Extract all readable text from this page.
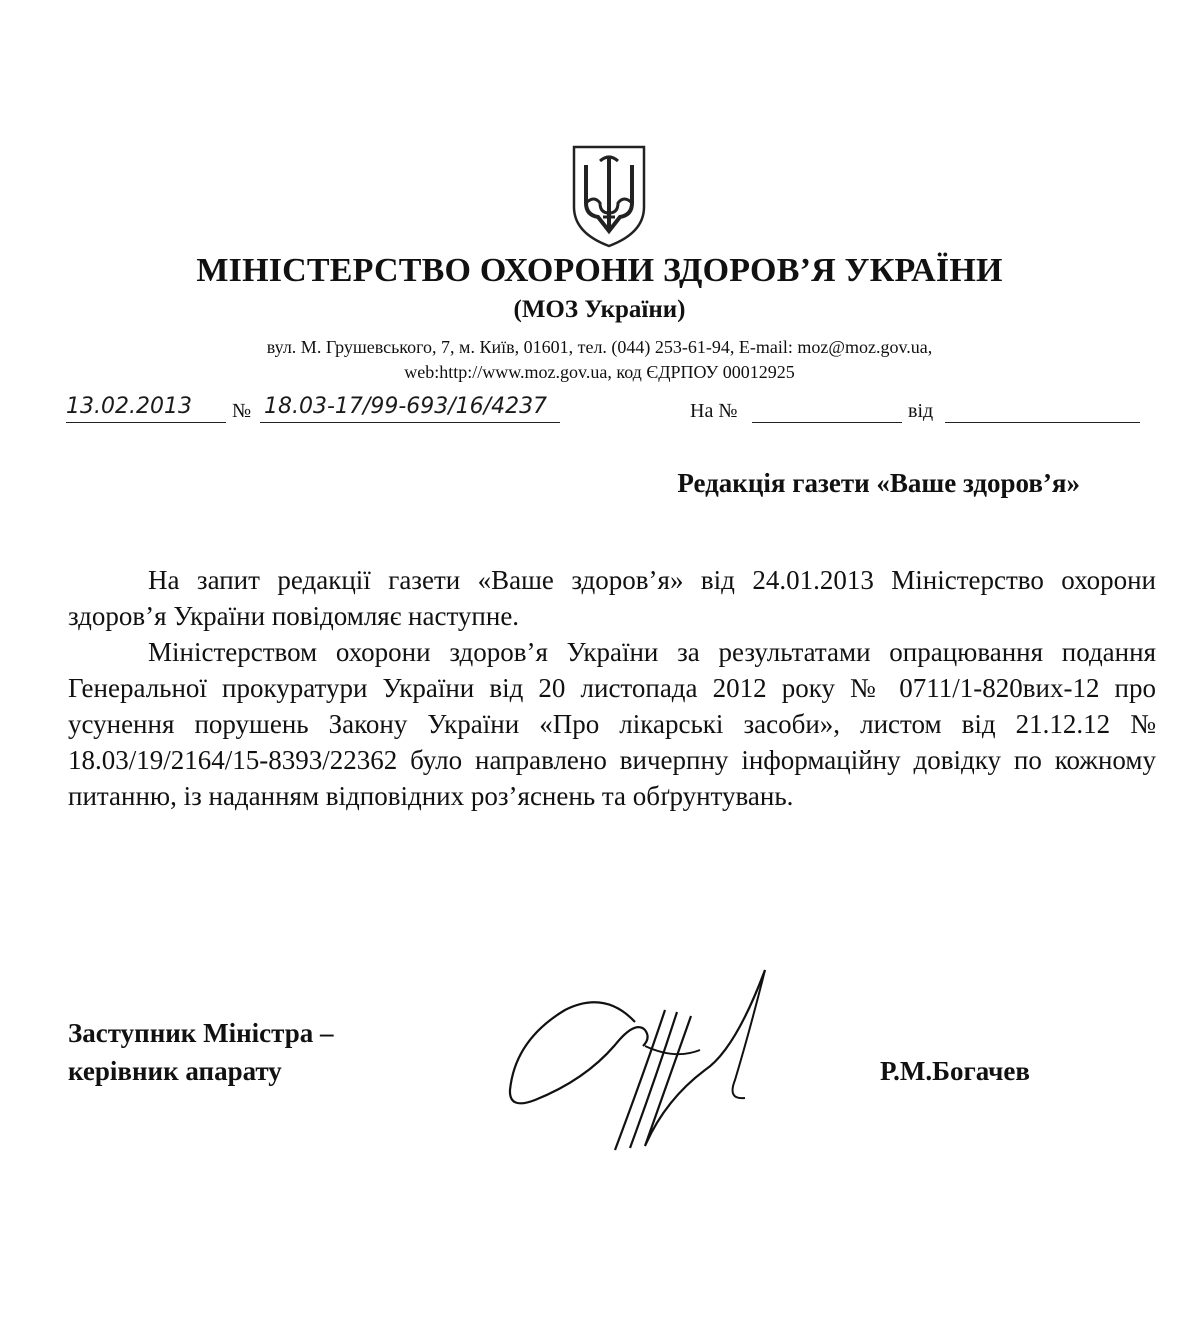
МІНІСТЕРСТВО ОХОРОНИ ЗДОРОВ’Я УКРАЇНИ
(МОЗ України)
вул. М. Грушевського, 7, м. Київ, 01601, тел. (044) 253-61-94, E-mail: moz@moz.gov.ua,
web:http://www.moz.gov.ua, код ЄДРПОУ 00012925
13.02.2013 № 18.03-17/99-693/16/4237	На №	від
Редакція газети «Ваше здоров’я»

На запит редакції газети «Ваше здоров’я» від 24.01.2013 Міністерство охорони здоров’я України повідомляє наступне.

Міністерством охорони здоров’я України за результатами опрацювання подання Генеральної прокуратури України від 20 листопада 2012 року № 0711/1-820вих-12 про усунення порушень Закону України «Про лікарські засоби», листом від 21.12.12 № 18.03/19/2164/15-8393/22362 було направлено вичерпну інформаційну довідку по кожному питанню, із наданням відповідних роз’яснень та обґрунтувань.

Заступник Міністра –
керівник апарату	Р.М.Богачев
